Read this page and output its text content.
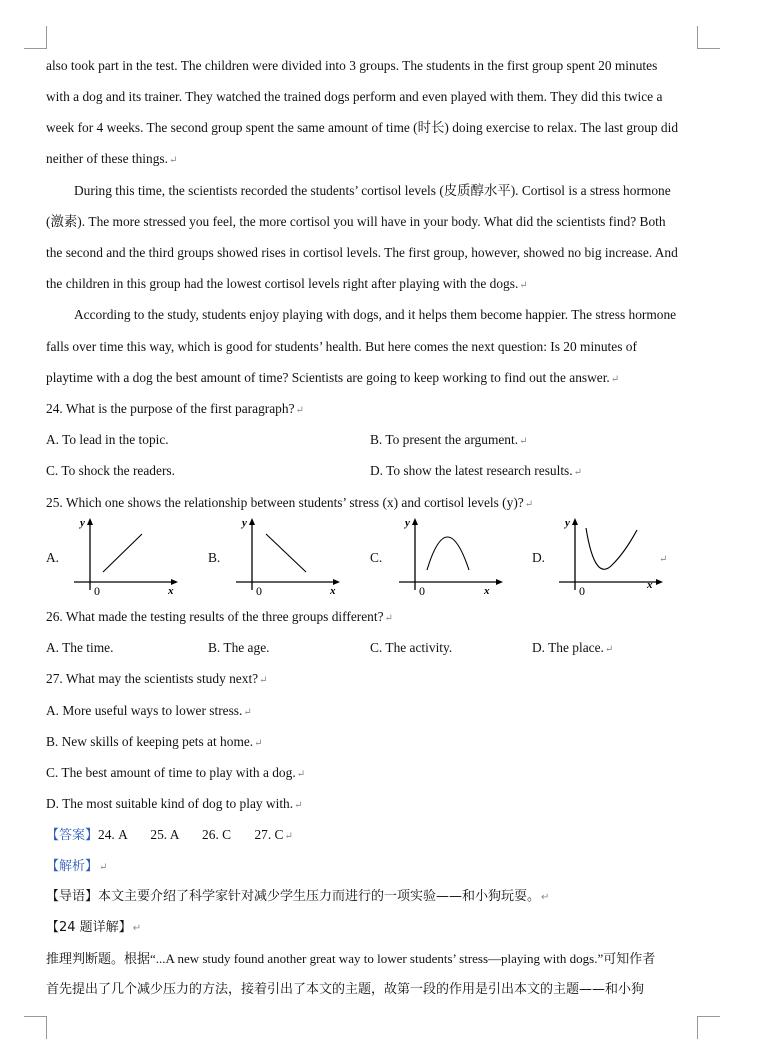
also took part in the test. The children were divided into 3 groups. The students in the first group spent 20 minutes
with a dog and its trainer. They watched the trained dogs perform and even played with them. They did this twice a
week for 4 weeks. The second group spent the same amount of time (时长) doing exercise to relax. The last group did
neither of these things.↵
During this time, the scientists recorded the students’ cortisol levels (皮质醇水平). Cortisol is a stress hormone
(激素). The more stressed you feel, the more cortisol you will have in your body. What did the scientists find? Both
the second and the third groups showed rises in cortisol levels. The first group, however, showed no big increase. And
the children in this group had the lowest cortisol levels right after playing with the dogs.↵
According to the study, students enjoy playing with dogs, and it helps them become happier. The stress hormone
falls over time this way, which is good for students’ health. But here comes the next question: Is 20 minutes of
playtime with a dog the best amount of time? Scientists are going to keep working to find out the answer.↵
24. What is the purpose of the first paragraph?↵
A. To lead in the topic.	B. To present the argument.↵
C. To shock the readers.	D. To show the latest research results.↵
25. Which one shows the relationship between students’ stress (x) and cortisol levels (y)?↵
A.	B.	C.	D.
y
x
0
y
x
0
y
x
0
y
x
0
↵
26. What made the testing results of the three groups different?↵
A. The time.	B. The age.	C. The activity.	D. The place.↵
27. What may the scientists study next?↵
A. More useful ways to lower stress.↵
B. New skills of keeping pets at home.↵
C. The best amount of time to play with a dog.↵
D. The most suitable kind of dog to play with.↵
【答案】24. A 25. A 26. C 27. C↵
【解析】↵
【导语】本文主要介绍了科学家针对减少学生压力而进行的一项实验——和小狗玩耍。↵
【24 题详解】↵
推理判断题。根据“...A new study found another great way to lower students’ stress—playing with dogs.”可知作者
首先提出了几个减少压力的方法，接着引出了本文的主题，故第一段的作用是引出本文的主题——和小狗
